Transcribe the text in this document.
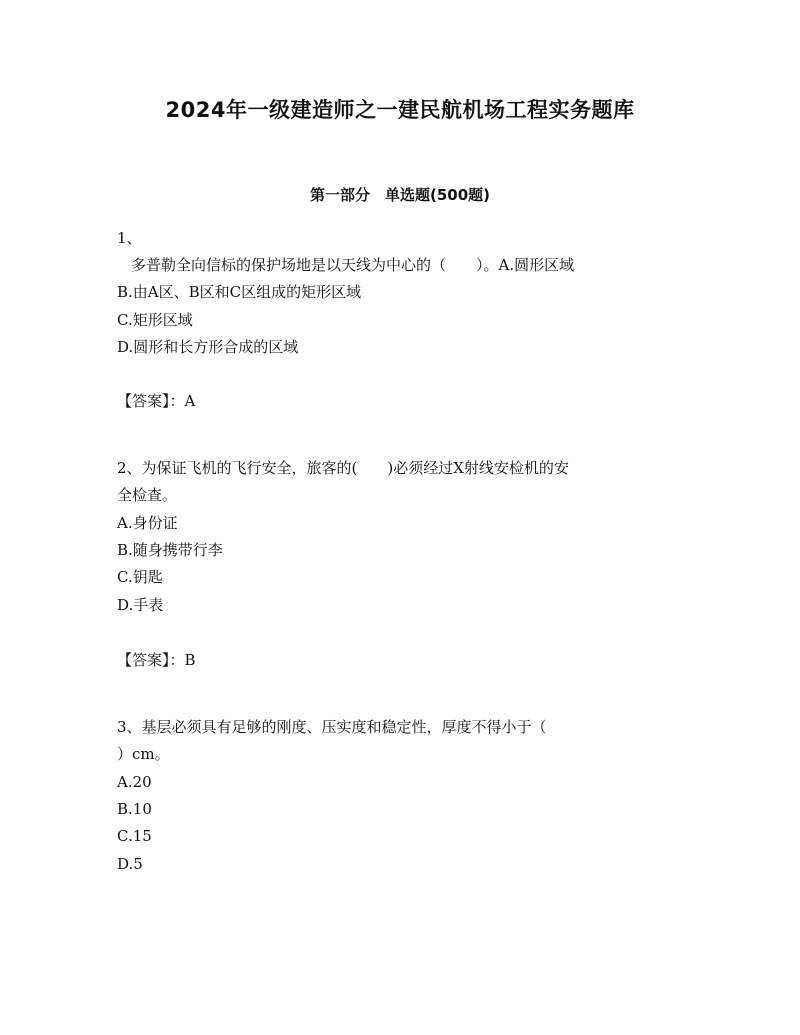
2024年一级建造师之一建民航机场工程实务题库
第一部分　单选题(500题)
1、
多普勒全向信标的保护场地是以天线为中心的（　　）。A.圆形区域
B.由A区、B区和C区组成的矩形区域
C.矩形区域
D.圆形和长方形合成的区域
【答案】：A
2、为保证飞机的飞行安全，旅客的(　　)必须经过X射线安检机的安
全检查。
A.身份证
B.随身携带行李
C.钥匙
D.手表
【答案】：B
3、基层必须具有足够的刚度、压实度和稳定性，厚度不得小于（
）cm。
A.20
B.10
C.15
D.5
